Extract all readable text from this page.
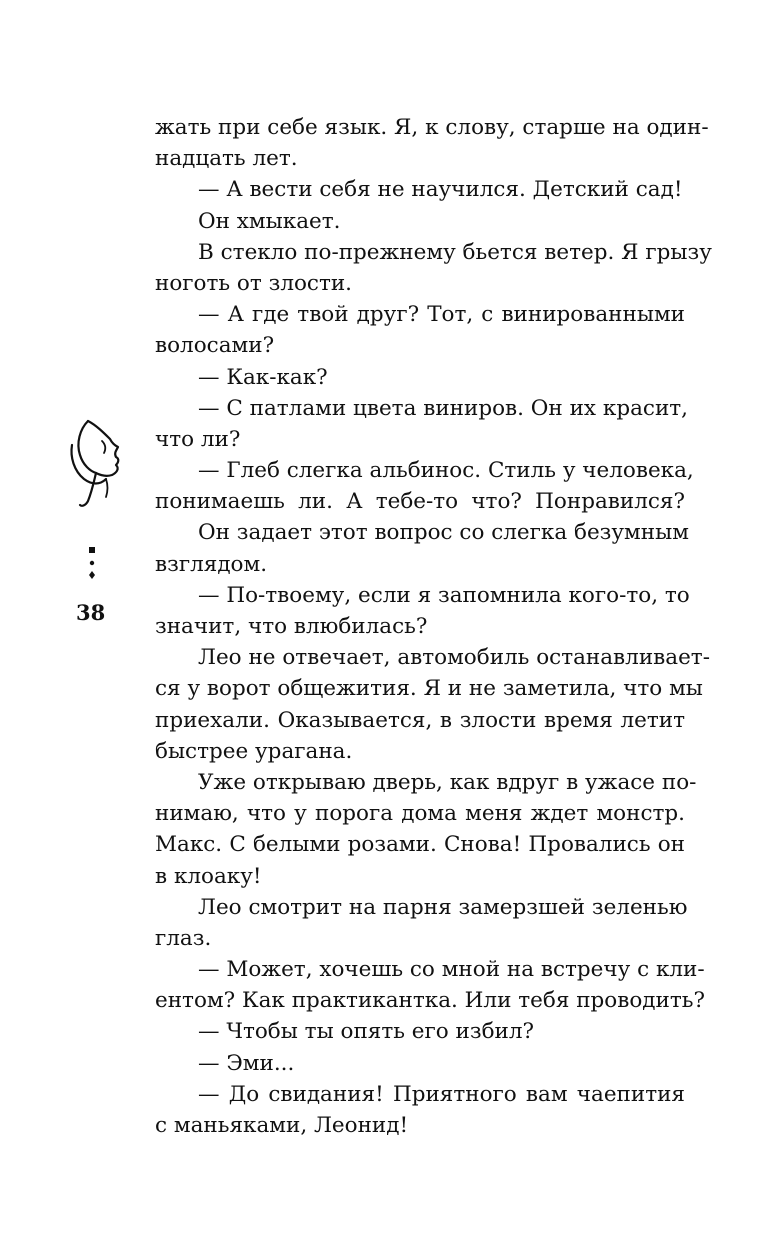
38
жать при себе язык. Я, к слову, старше на один-
надцать лет.
— А вести себя не научился. Детский сад!
Он хмыкает.
В стекло по-прежнему бьется ветер. Я грызу
ноготь от злости.
— А где твой друг? Тот, с винированными
волосами?
— Как-как?
— С патлами цвета виниров. Он их красит,
что ли?
— Глеб слегка альбинос. Стиль у человека,
понимаешь ли. А тебе-то что? Понравился?
Он задает этот вопрос со слегка безумным
взглядом.
— По-твоему, если я запомнила кого-то, то
значит, что влюбилась?
Лео не отвечает, автомобиль останавливает-
ся у ворот общежития. Я и не заметила, что мы
приехали. Оказывается, в злости время летит
быстрее урагана.
Уже открываю дверь, как вдруг в ужасе по-
нимаю, что у порога дома меня ждет монстр.
Макс. С белыми розами. Снова! Провались он
в клоаку!
Лео смотрит на парня замерзшей зеленью
глаз.
— Может, хочешь со мной на встречу с кли-
ентом? Как практикантка. Или тебя проводить?
— Чтобы ты опять его избил?
— Эми...
— До свидания! Приятного вам чаепития
с маньяками, Леонид!
